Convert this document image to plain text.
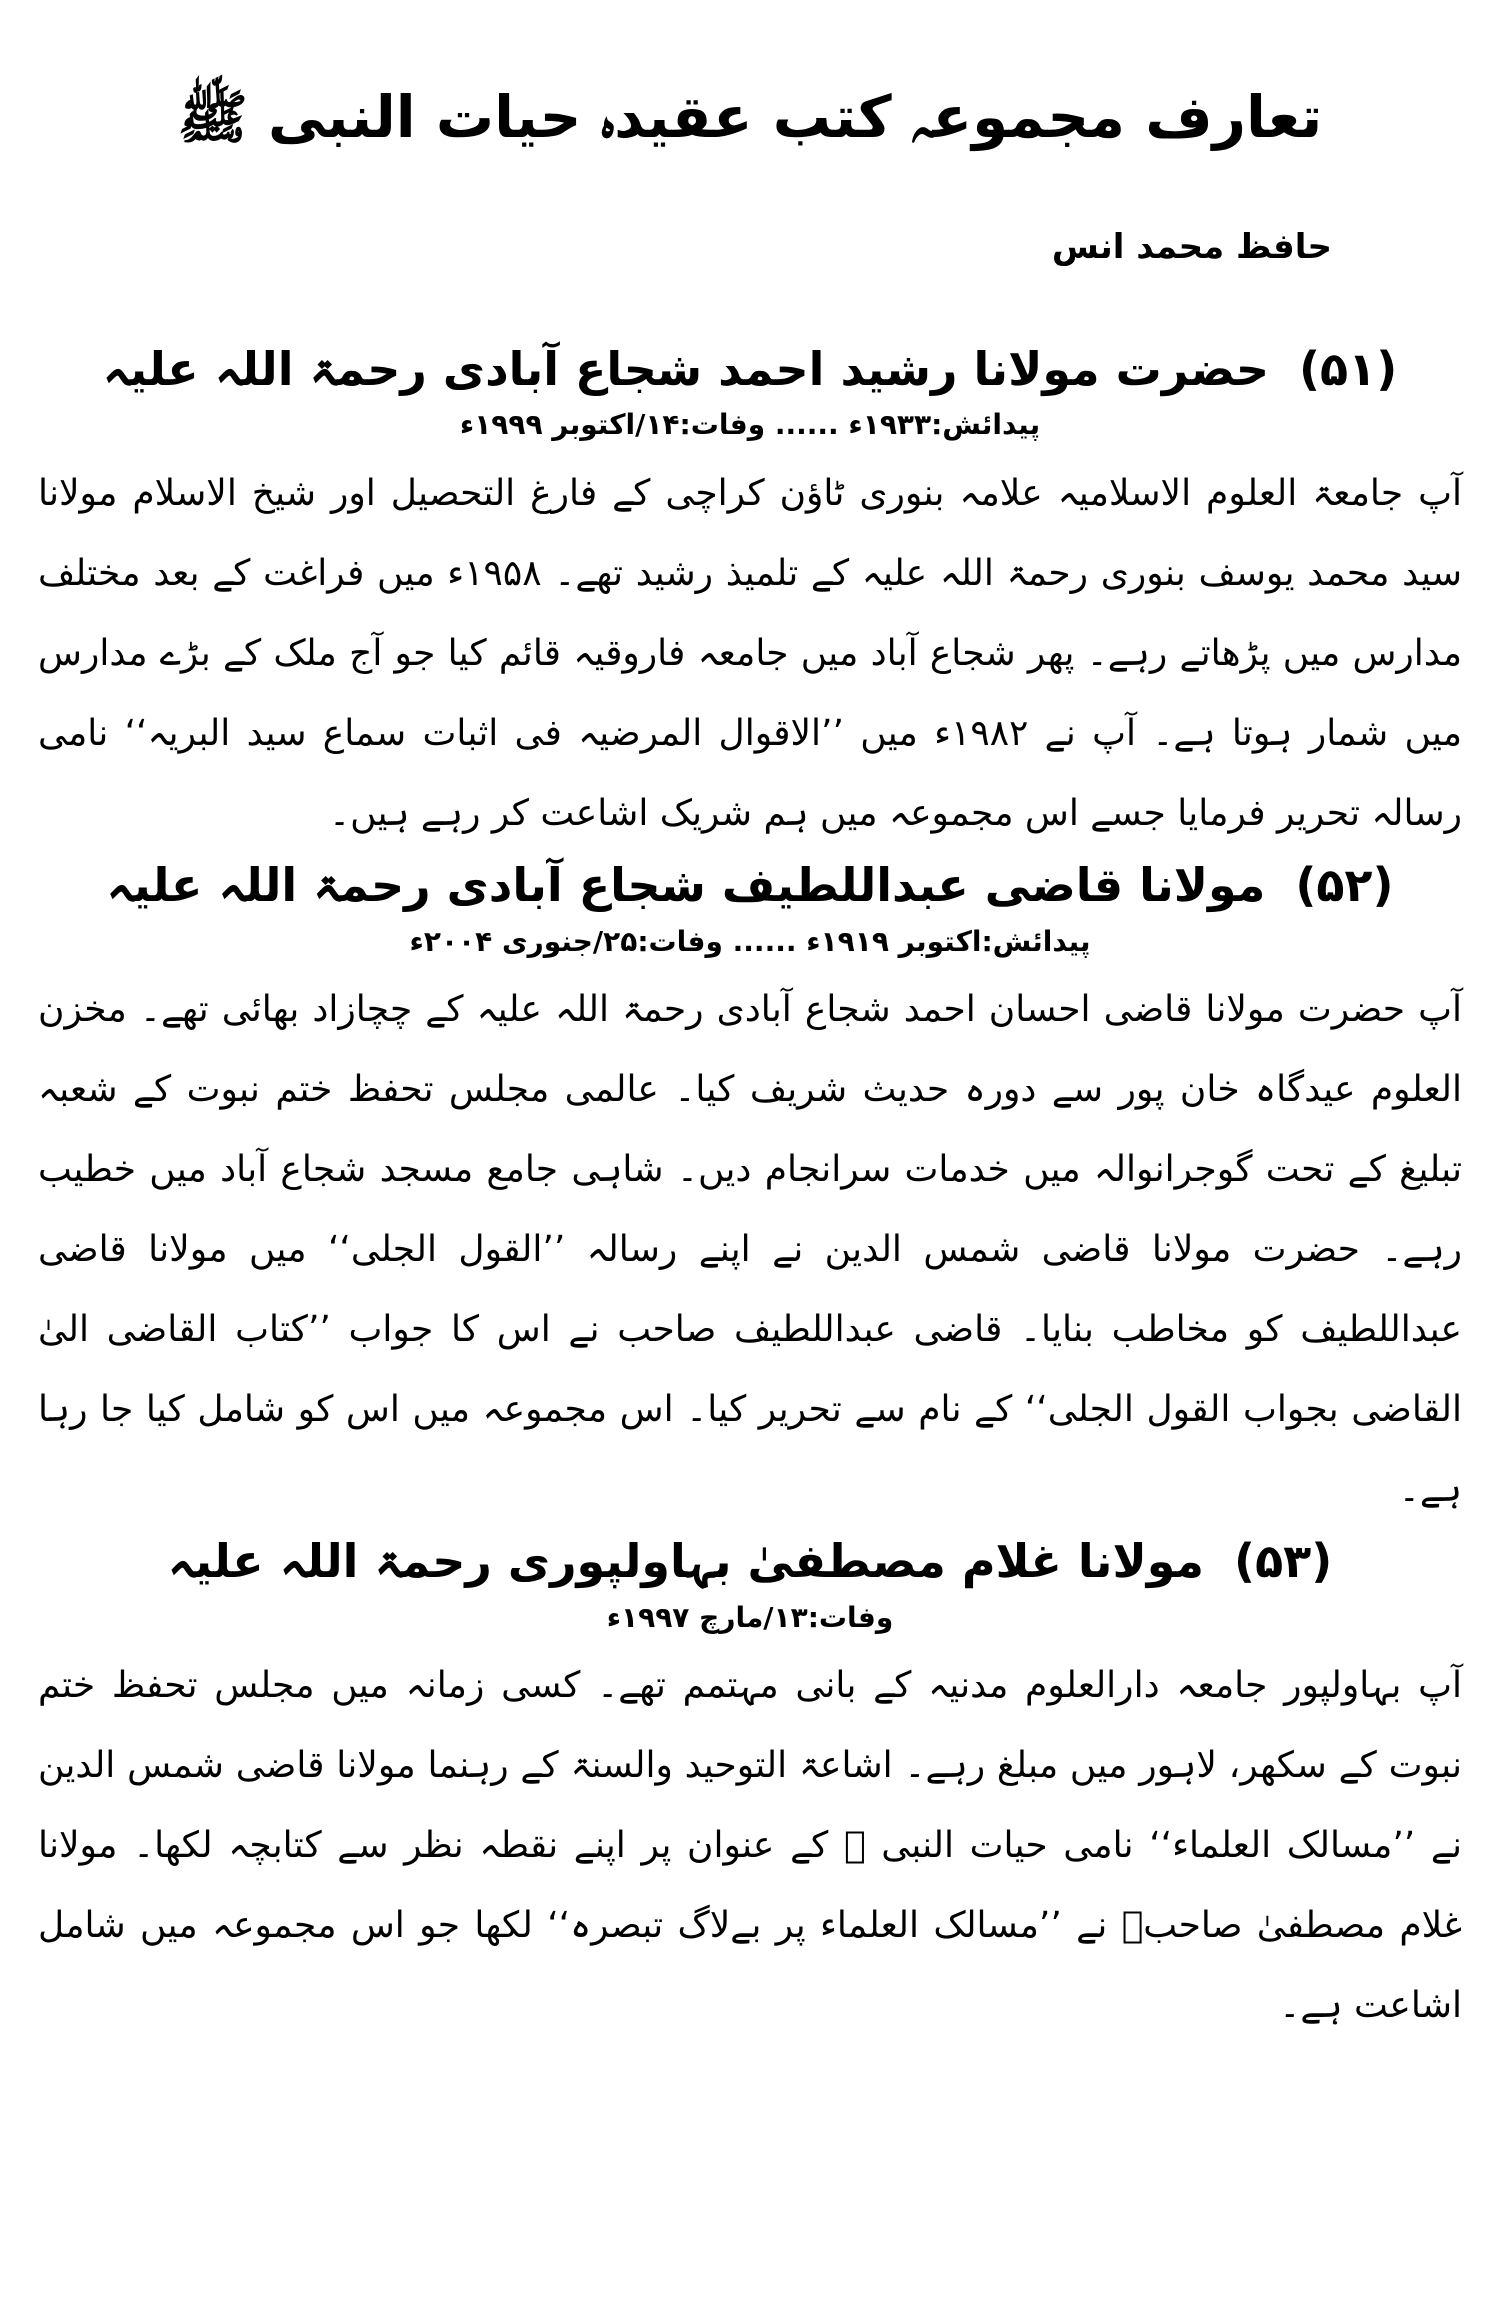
تعارف مجموعہ کتب عقیدہ حیات النبی ﷺ
حافظ محمد انس
(۵۱) حضرت مولانا رشید احمد شجاع آبادی رحمۃ اللہ علیہ
پیدائش:۱۹۳۳ء ...... وفات:۱۴/اکتوبر ۱۹۹۹ء

آپ جامعۃ العلوم الاسلامیہ علامہ بنوری ٹاؤن کراچی کے فارغ التحصیل اور شیخ الاسلام مولانا سید محمد یوسف بنوری رحمۃ اللہ علیہ کے تلمیذ رشید تھے۔ ۱۹۵۸ء میں فراغت کے بعد مختلف مدارس میں پڑھاتے رہے۔ پھر شجاع آباد میں جامعہ فاروقیہ قائم کیا جو آج ملک کے بڑے مدارس میں شمار ہوتا ہے۔ آپ نے ۱۹۸۲ء میں ’’الاقوال المرضیہ فی اثبات سماع سید البریہ‘‘ نامی رسالہ تحریر فرمایا جسے اس مجموعہ میں ہم شریک اشاعت کر رہے ہیں۔

(۵۲) مولانا قاضی عبداللطیف شجاع آبادی رحمۃ اللہ علیہ
پیدائش:اکتوبر ۱۹۱۹ء ...... وفات:۲۵/جنوری ۲۰۰۴ء

آپ حضرت مولانا قاضی احسان احمد شجاع آبادی رحمۃ اللہ علیہ کے چچازاد بھائی تھے۔ مخزن العلوم عیدگاہ خان پور سے دورہ حدیث شریف کیا۔ عالمی مجلس تحفظ ختم نبوت کے شعبہ تبلیغ کے تحت گوجرانوالہ میں خدمات سرانجام دیں۔ شاہی جامع مسجد شجاع آباد میں خطیب رہے۔ حضرت مولانا قاضی شمس الدین نے اپنے رسالہ ’’القول الجلی‘‘ میں مولانا قاضی عبداللطیف کو مخاطب بنایا۔ قاضی عبداللطیف صاحب نے اس کا جواب ’’کتاب القاضی الیٰ القاضی بجواب القول الجلی‘‘ کے نام سے تحریر کیا۔ اس مجموعہ میں اس کو شامل کیا جا رہا ہے۔

(۵۳) مولانا غلام مصطفیٰ بہاولپوری رحمۃ اللہ علیہ
وفات:۱۳/مارچ ۱۹۹۷ء

آپ بہاولپور جامعہ دارالعلوم مدنیہ کے بانی مہتمم تھے۔ کسی زمانہ میں مجلس تحفظ ختم نبوت کے سکھر، لاہور میں مبلغ رہے۔ اشاعۃ التوحید والسنۃ کے رہنما مولانا قاضی شمس الدین نے ’’مسالک العلماء‘‘ نامی حیات النبی ﷺ کے عنوان پر اپنے نقطہ نظر سے کتابچہ لکھا۔ مولانا غلام مصطفیٰ صاحبؒ نے ’’مسالک العلماء پر بےلاگ تبصرہ‘‘ لکھا جو اس مجموعہ میں شامل اشاعت ہے۔
